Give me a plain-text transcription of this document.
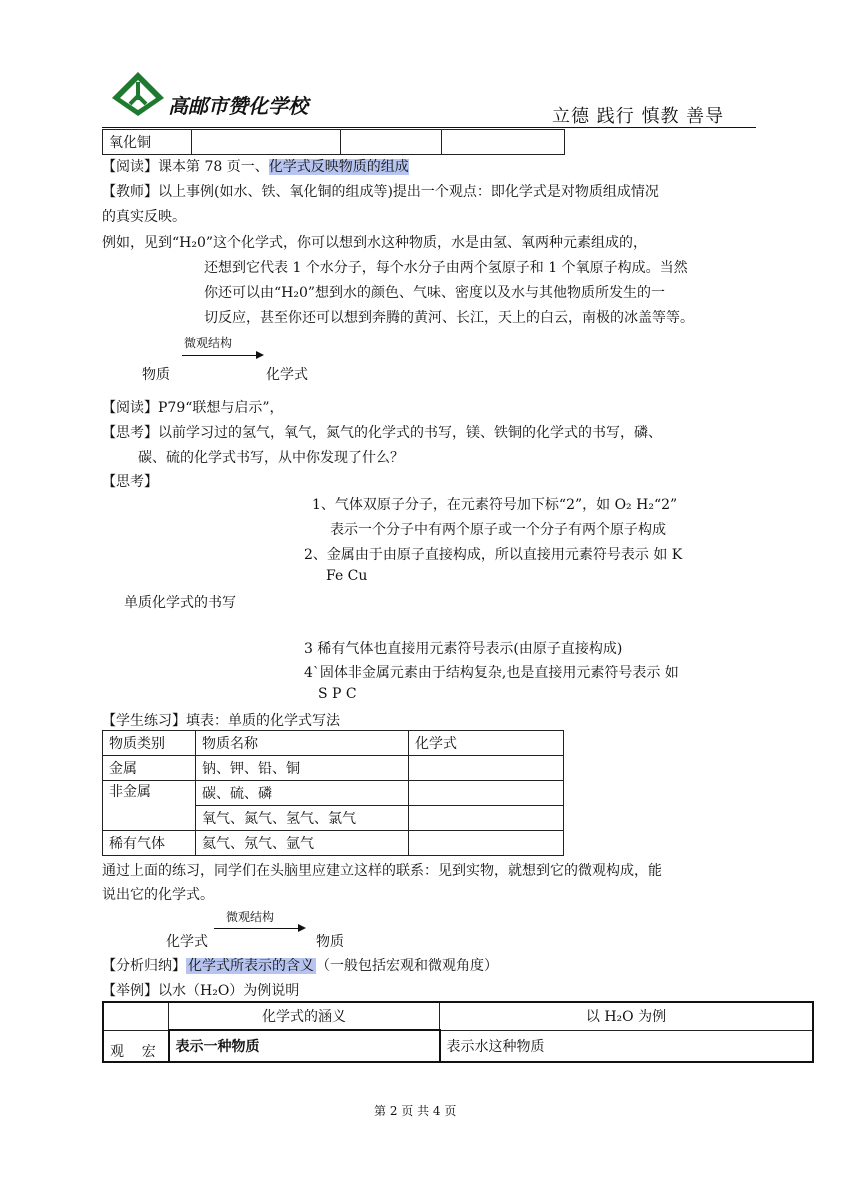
高邮市赞化学校	立德 践行 慎教 善导
氧化铜			
【阅读】课本第 78 页一、化学式反映物质的组成
【教师】以上事例(如水、铁、氧化铜的组成等)提出一个观点：即化学式是对物质组成情况
的真实反映。
例如，见到“H₂0”这个化学式，你可以想到水这种物质，水是由氢、氧两种元素组成的，
还想到它代表 1 个水分子，每个水分子由两个氢原子和 1 个氧原子构成。当然
你还可以由“H₂0”想到水的颜色、气味、密度以及水与其他物质所发生的一
切反应，甚至你还可以想到奔腾的黄河、长江，天上的白云，南极的冰盖等等。
微观结构
物质	化学式
【阅读】P79“联想与启示”，
【思考】以前学习过的氢气，氧气，氮气的化学式的书写，镁、铁铜的化学式的书写，磷、
碳、硫的化学式书写，从中你发现了什么？
【思考】
1、气体双原子分子，在元素符号加下标“2”，如 O₂ H₂“2”
表示一个分子中有两个原子或一个分子有两个原子构成
2、金属由于由原子直接构成，所以直接用元素符号表示 如 K
Fe Cu
单质化学式的书写
3 稀有气体也直接用元素符号表示(由原子直接构成)
4`固体非金属元素由于结构复杂,也是直接用元素符号表示 如
S P C
【学生练习】填表：单质的化学式写法
物质类别	物质名称	化学式
金属	钠、钾、铅、铜	
非金属	碳、硫、磷	
	氧气、氮气、氢气、氯气	
稀有气体	氦气、氖气、氩气	
通过上面的练习，同学们在头脑里应建立这样的联系：见到实物，就想到它的微观构成，能
说出它的化学式。
微观结构
化学式	物质
【分析归纳】 化学式所表示的含义 （一般包括宏观和微观角度）
【举例】以水（H₂O）为例说明
	化学式的涵义	以 H₂O 为例
观    宏	表示一种物质	表示水这种物质
第 2 页 共 4 页
